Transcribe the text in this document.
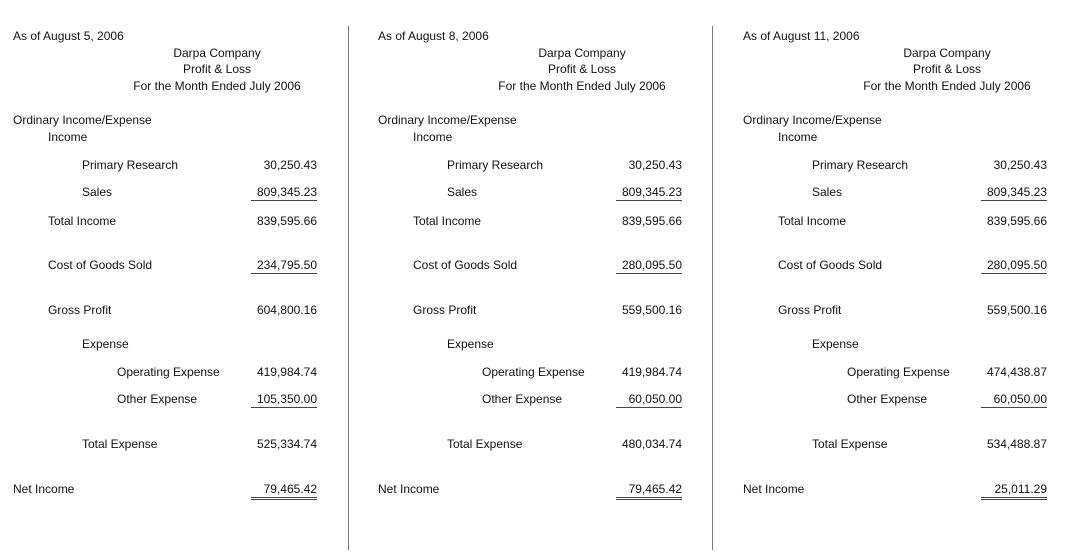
As of August 5, 2006
Darpa Company
Profit & Loss
For the Month Ended July 2006
Ordinary Income/Expense
Income
Primary Research	30,250.43
Sales	809,345.23
Total Income	839,595.66
Cost of Goods Sold	234,795.50
Gross Profit	604,800.16
Expense
Operating Expense	419,984.74
Other Expense	105,350.00
Total Expense	525,334.74
Net Income	79,465.42
As of August 8, 2006
Darpa Company
Profit & Loss
For the Month Ended July 2006
Ordinary Income/Expense
Income
Primary Research	30,250.43
Sales	809,345.23
Total Income	839,595.66
Cost of Goods Sold	280,095.50
Gross Profit	559,500.16
Expense
Operating Expense	419,984.74
Other Expense	60,050.00
Total Expense	480,034.74
Net Income	79,465.42
As of August 11, 2006
Darpa Company
Profit & Loss
For the Month Ended July 2006
Ordinary Income/Expense
Income
Primary Research	30,250.43
Sales	809,345.23
Total Income	839,595.66
Cost of Goods Sold	280,095.50
Gross Profit	559,500.16
Expense
Operating Expense	474,438.87
Other Expense	60,050.00
Total Expense	534,488.87
Net Income	25,011.29
